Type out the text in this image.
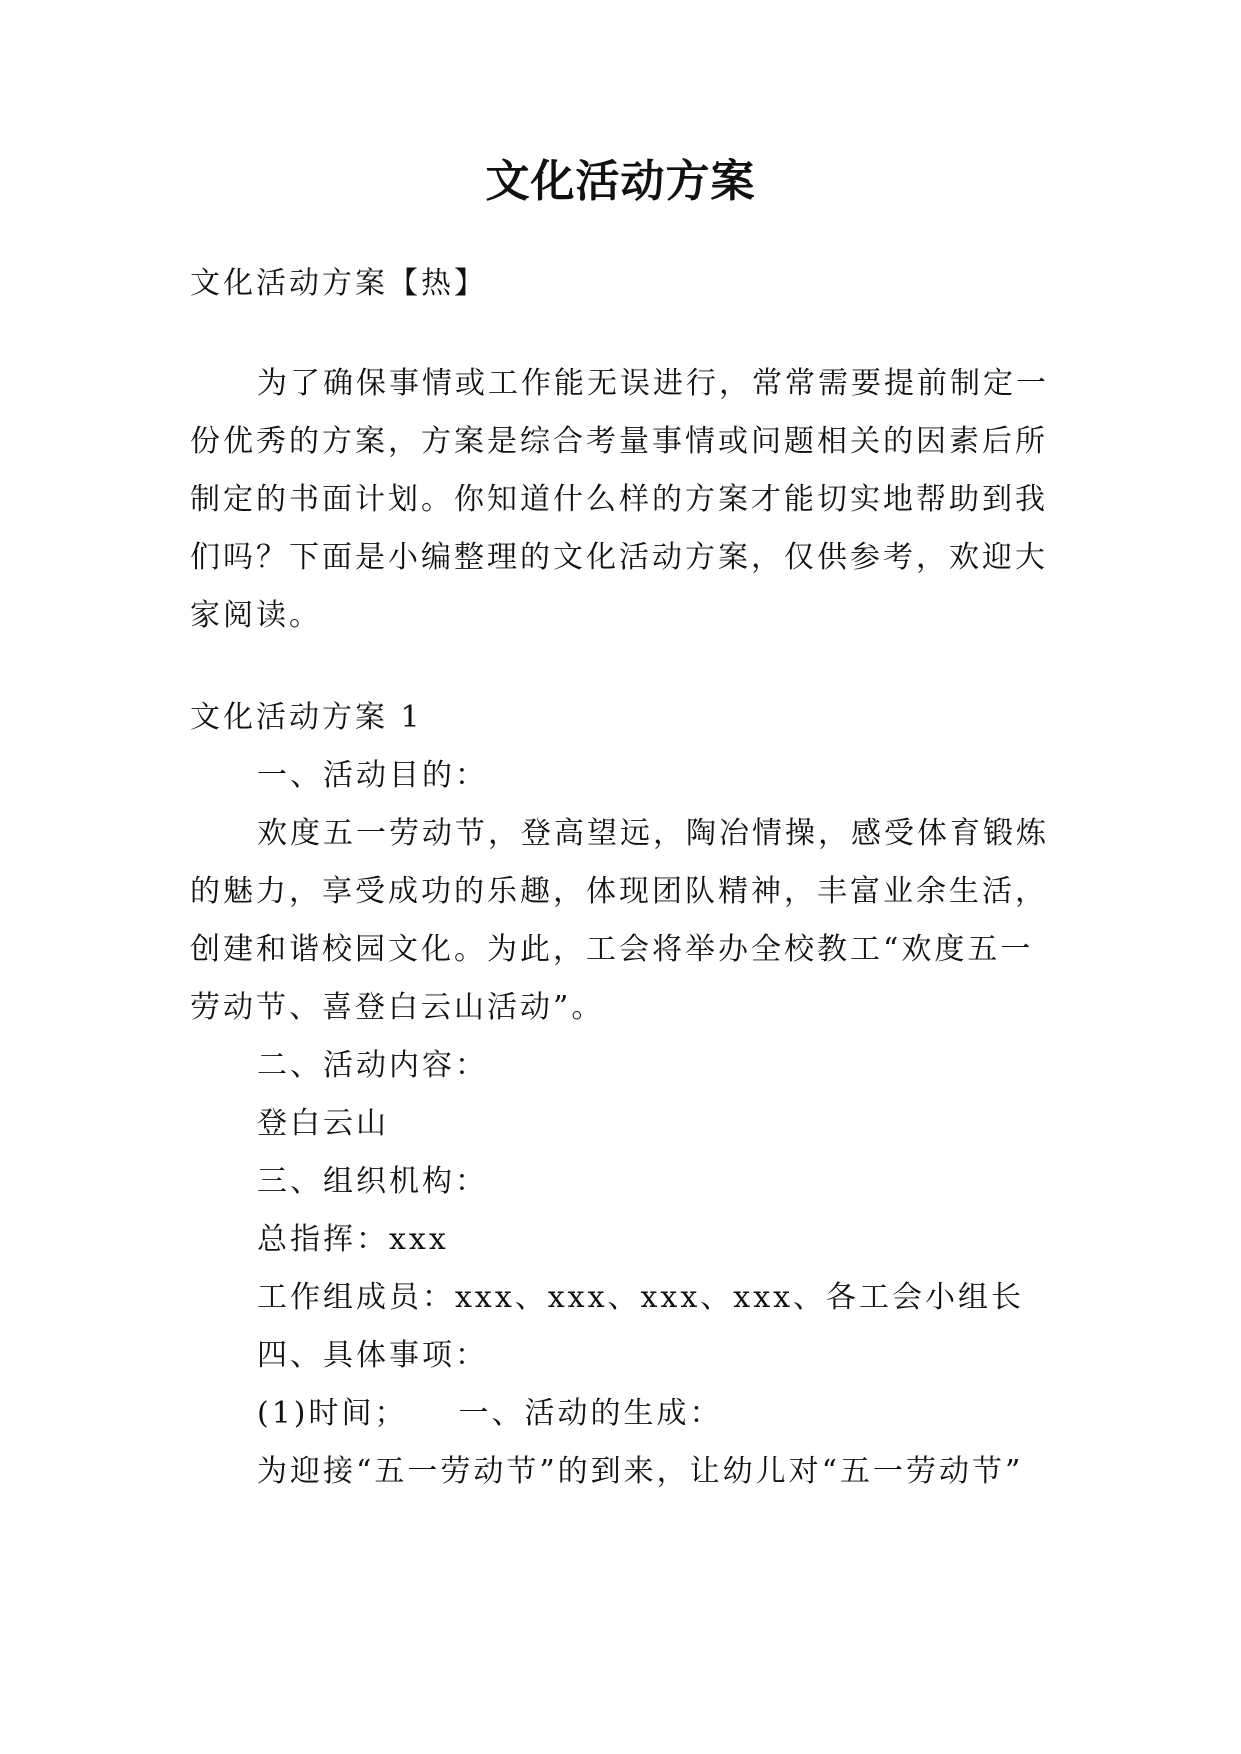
文化活动方案
文化活动方案【热】
为了确保事情或工作能无误进行，常常需要提前制定一
份优秀的方案，方案是综合考量事情或问题相关的因素后所
制定的书面计划。你知道什么样的方案才能切实地帮助到我
们吗？下面是小编整理的文化活动方案，仅供参考，欢迎大
家阅读。
文化活动方案 1
一、活动目的：
欢度五一劳动节，登高望远，陶冶情操，感受体育锻炼
的魅力，享受成功的乐趣，体现团队精神，丰富业余生活，
创建和谐校园文化。为此，工会将举办全校教工“欢度五一
劳动节、喜登白云山活动”。
二、活动内容：
登白云山
三、组织机构：
总指挥：xxx
工作组成员：xxx、xxx、xxx、xxx、各工会小组长
四、具体事项：
(1)时间；　　一、活动的生成：
为迎接“五一劳动节”的到来，让幼儿对“五一劳动节”
